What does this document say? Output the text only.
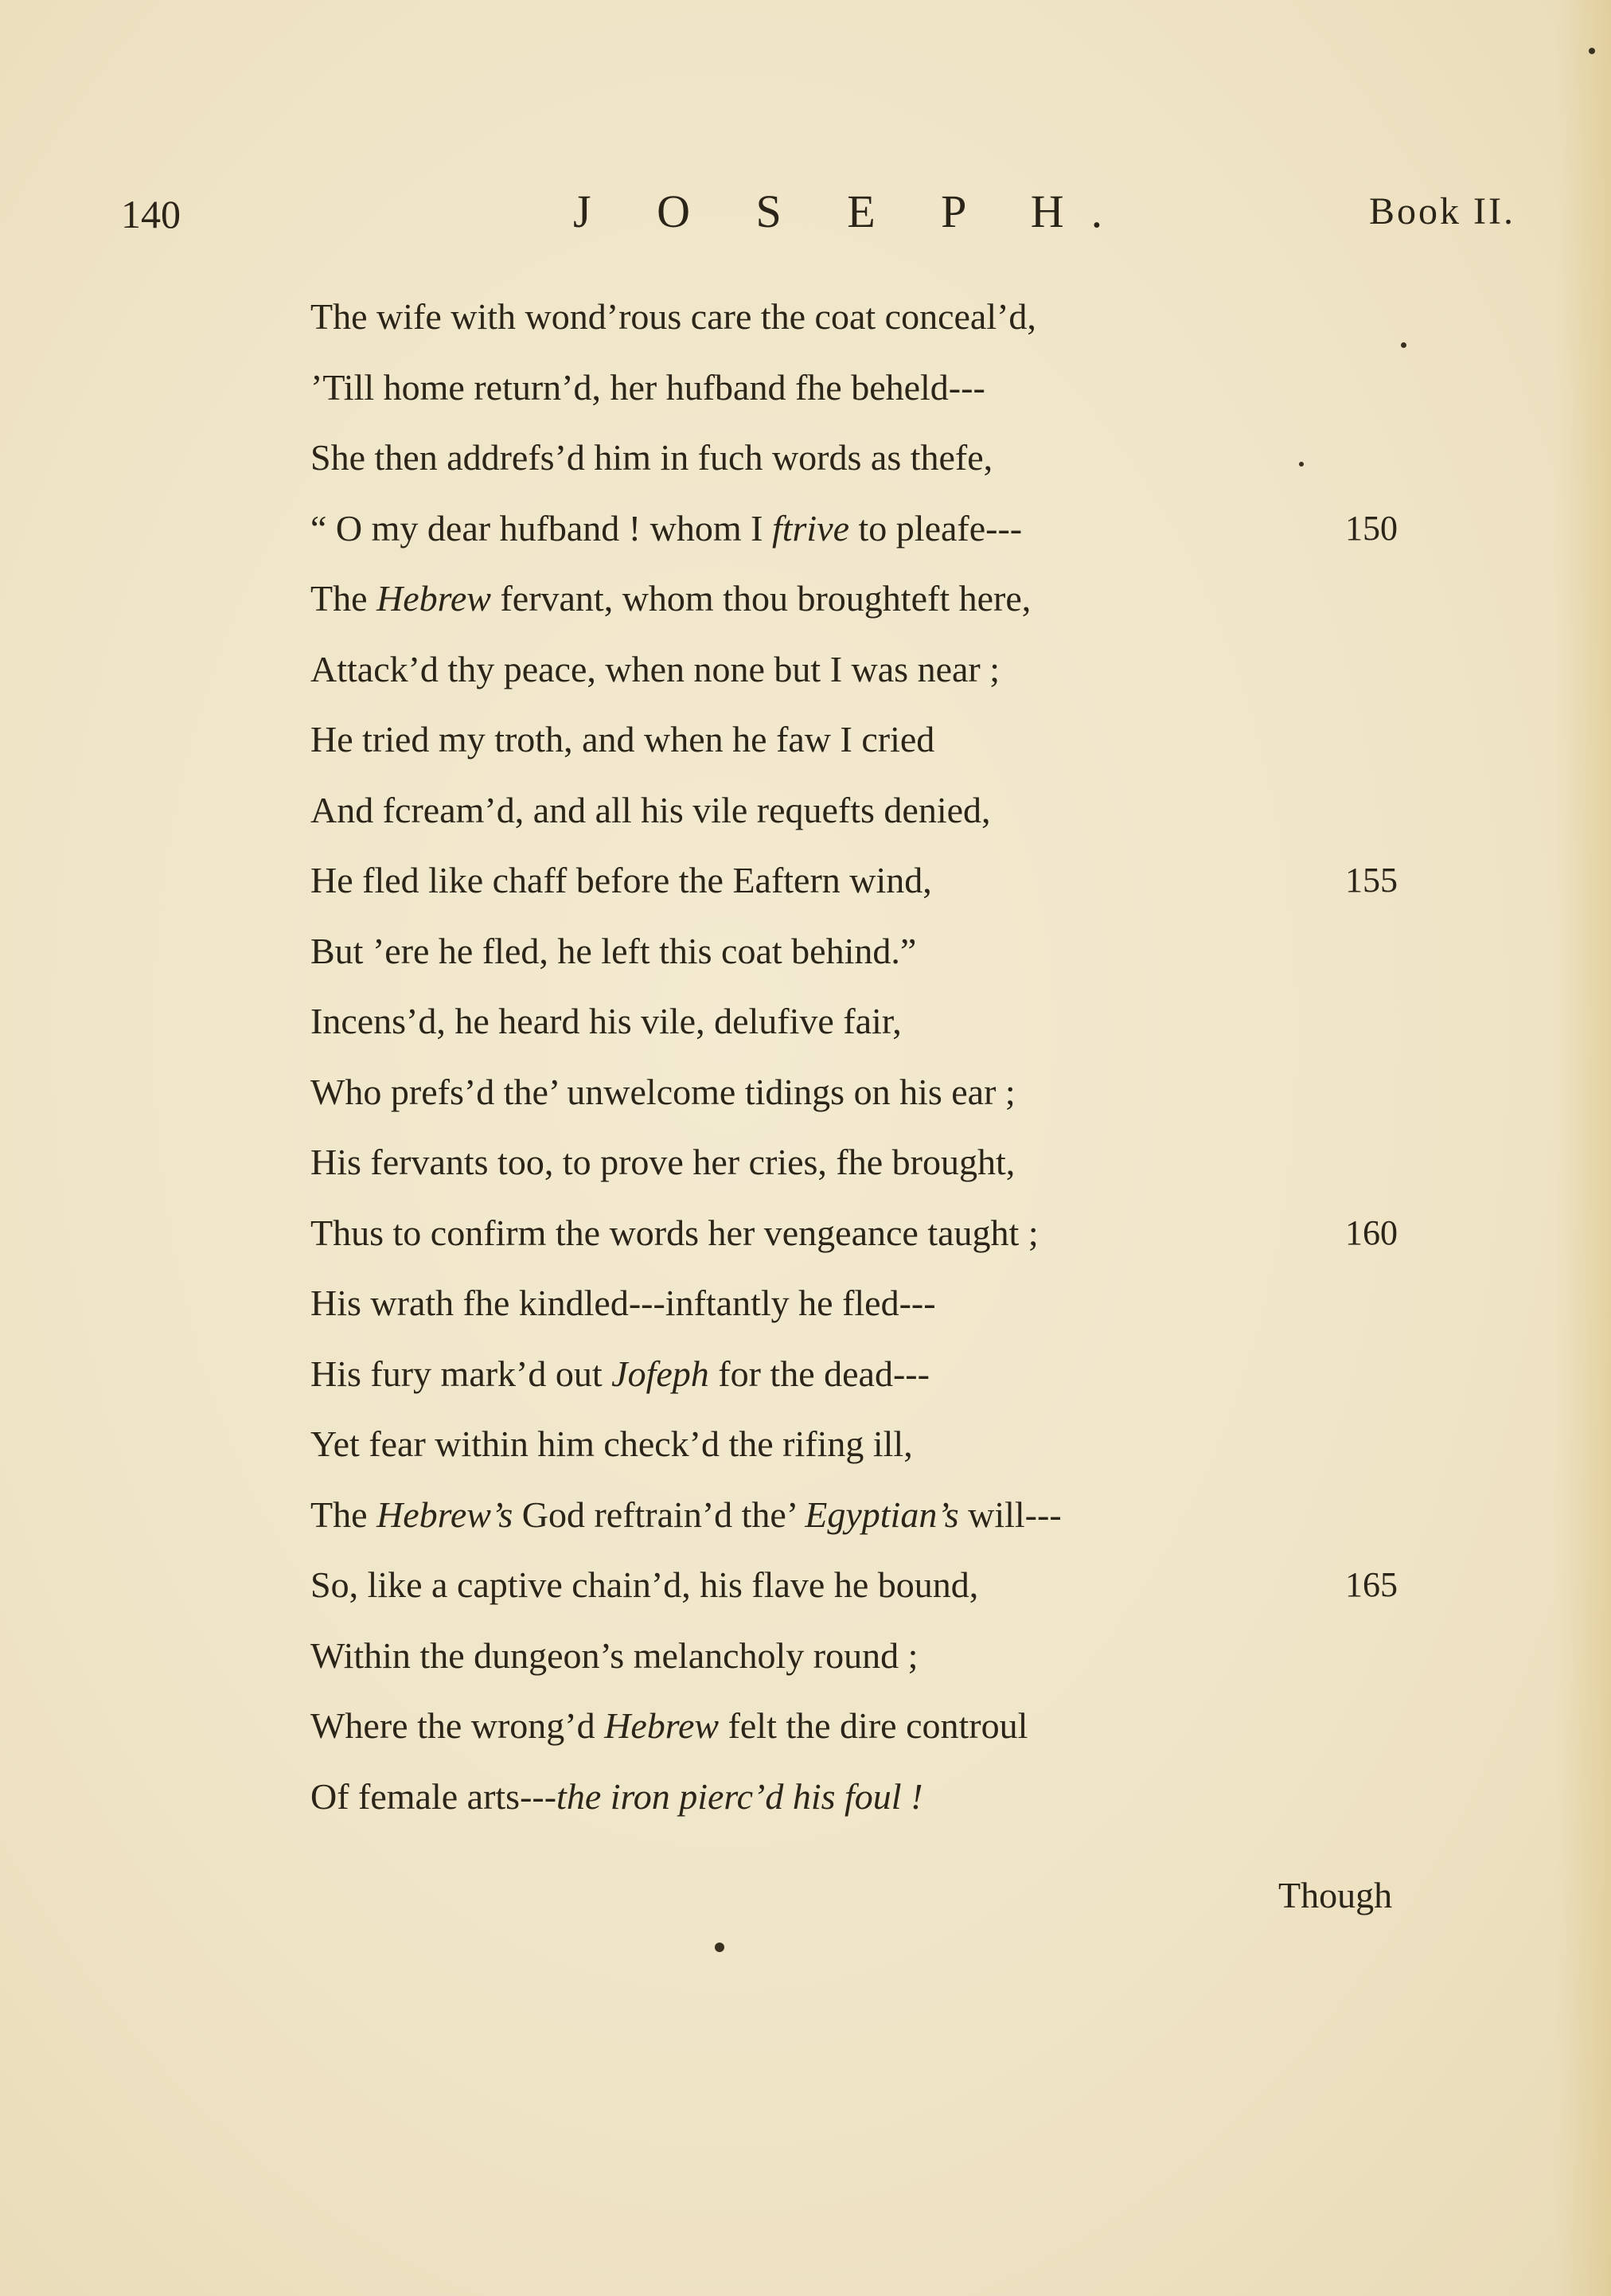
140	J O S E P H.	Book II.
The wife with wond’rous care the coat conceal’d,
’Till home return’d, her hufband fhe beheld---
She then addrefs’d him in fuch words as thefe,
“ O my dear hufband ! whom I ftrive to pleafe---	150
The Hebrew fervant, whom thou broughteft here,
Attack’d thy peace, when none but I was near ;
He tried my troth, and when he faw I cried
And fcream’d, and all his vile requefts denied,
He fled like chaff before the Eaftern wind,	155
But ’ere he fled, he left this coat behind.”
Incens’d, he heard his vile, delufive fair,
Who prefs’d the’ unwelcome tidings on his ear ;
His fervants too, to prove her cries, fhe brought,
Thus to confirm the words her vengeance taught ;	160
His wrath fhe kindled---inftantly he fled---
His fury mark’d out Jofeph for the dead---
Yet fear within him check’d the rifing ill,
The Hebrew’s God reftrain’d the’ Egyptian’s will---
So, like a captive chain’d, his flave he bound,	165
Within the dungeon’s melancholy round ;
Where the wrong’d Hebrew felt the dire controul
Of female arts---the iron pierc’d his foul !
Though
